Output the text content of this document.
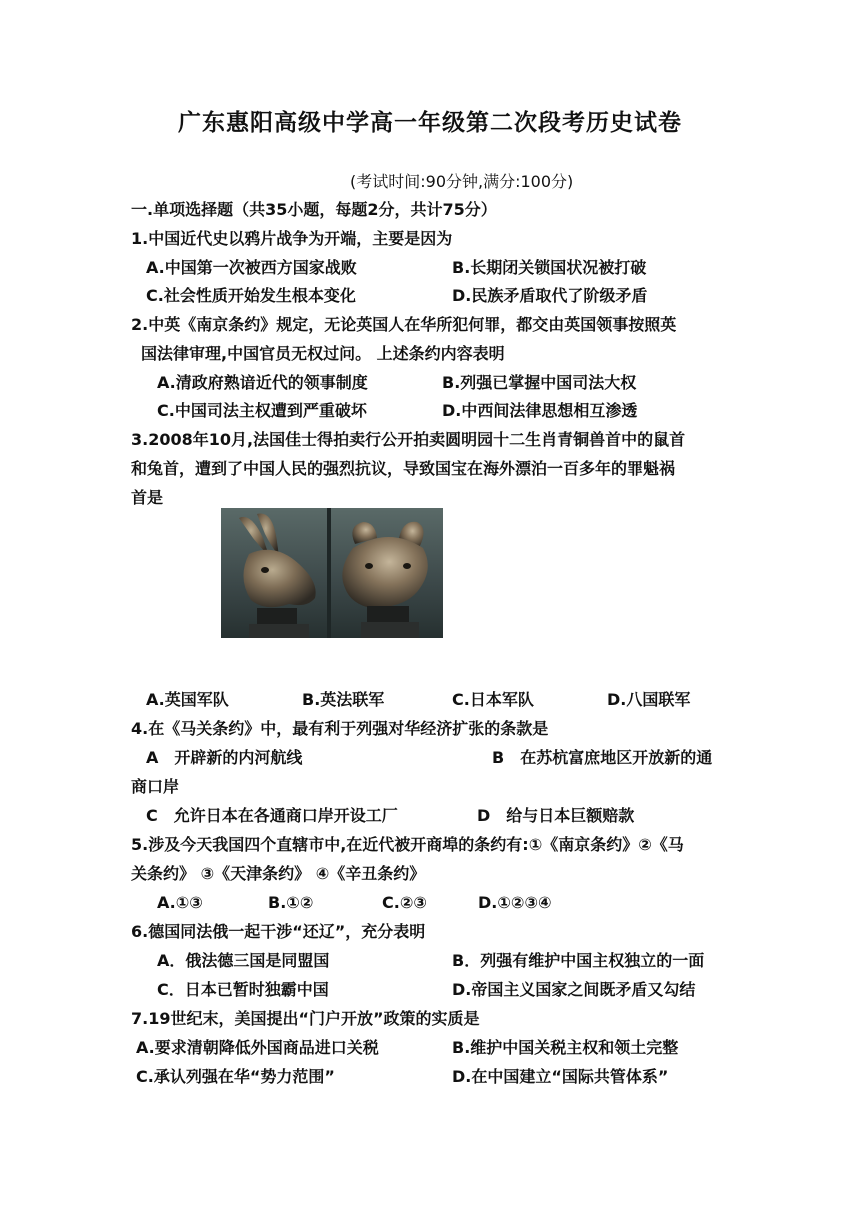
广东惠阳高级中学高一年级第二次段考历史试卷
(考试时间:90分钟,满分:100分)
一.单项选择题（共35小题，每题2分，共计75分）
1.中国近代史以鸦片战争为开端，主要是因为
A.中国第一次被西方国家战败	B.长期闭关锁国状况被打破
C.社会性质开始发生根本变化	D.民族矛盾取代了阶级矛盾
2.中英《南京条约》规定，无论英国人在华所犯何罪，都交由英国领事按照英
国法律审理,中国官员无权过问。 上述条约内容表明
A.清政府熟谙近代的领事制度	B.列强已掌握中国司法大权
C.中国司法主权遭到严重破坏	D.中西间法律思想相互渗透
3.2008年10月,法国佳士得拍卖行公开拍卖圆明园十二生肖青铜兽首中的鼠首
和兔首，遭到了中国人民的强烈抗议，导致国宝在海外漂泊一百多年的罪魁祸
首是
A.英国军队	B.英法联军	C.日本军队	D.八国联军
4.在《马关条约》中，最有利于列强对华经济扩张的条款是
A　开辟新的内河航线	B　在苏杭富庶地区开放新的通
商口岸
C　允许日本在各通商口岸开设工厂	D　给与日本巨额赔款
5.涉及今天我国四个直辖市中,在近代被开商埠的条约有:①《南京条约》②《马
关条约》 ③《天津条约》 ④《辛丑条约》
A.①③	B.①②	C.②③	D.①②③④
6.德国同法俄一起干涉“还辽”，充分表明
A．俄法德三国是同盟国	B．列强有维护中国主权独立的一面
C．日本已暂时独霸中国	D.帝国主义国家之间既矛盾又勾结
7.19世纪末，美国提出“门户开放”政策的实质是
A.要求清朝降低外国商品进口关税	B.维护中国关税主权和领土完整
C.承认列强在华“势力范围”	D.在中国建立“国际共管体系”
